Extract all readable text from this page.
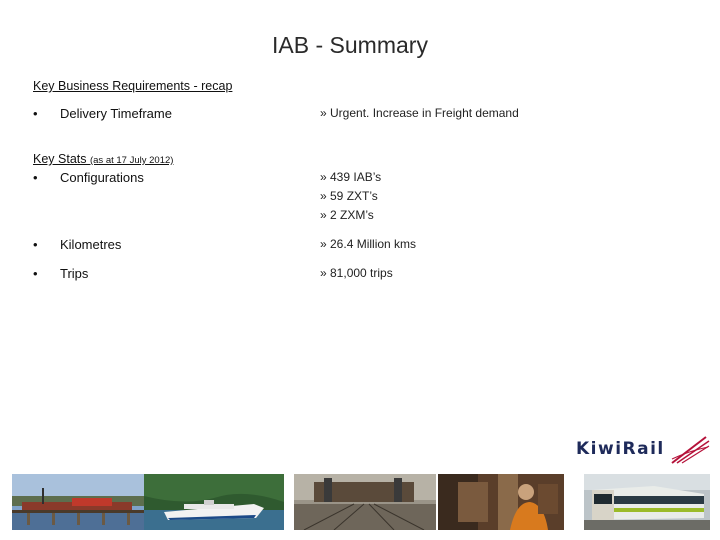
IAB - Summary
Key Business Requirements - recap
• Delivery Timeframe	» Urgent. Increase in Freight demand
Key Stats (as at 17 July 2012)
• Configurations	» 439 IAB’s
» 59 ZXT’s
» 2 ZXM’s
• Kilometres	» 26.4 Million kms
• Trips	» 81,000 trips
KiwiRail
